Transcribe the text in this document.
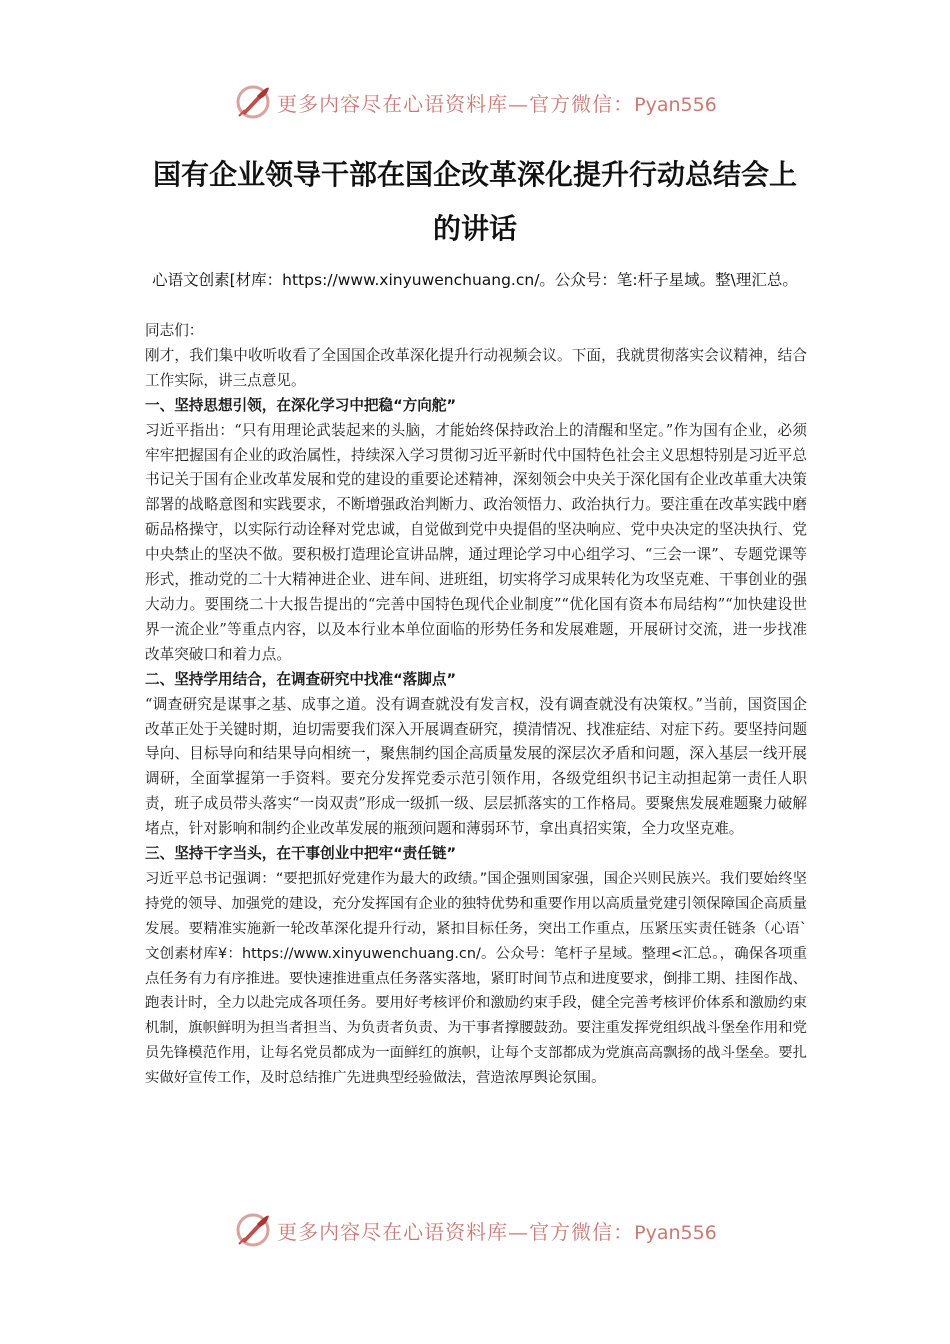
更多内容尽在心语资料库—官方微信：Pyan556
国有企业领导干部在国企改革深化提升行动总结会上的讲话
心语文创素[材库：https://www.xinyuwenchuang.cn/。公众号：笔:杆子星域。整\理汇总。

同志们：

刚才，我们集中收听收看了全国国企改革深化提升行动视频会议。下面，我就贯彻落实会议精神，结合工作实际，讲三点意见。

一、坚持思想引领，在深化学习中把稳“方向舵”

习近平指出：“只有用理论武装起来的头脑，才能始终保持政治上的清醒和坚定。”作为国有企业，必须牢牢把握国有企业的政治属性，持续深入学习贯彻习近平新时代中国特色社会主义思想特别是习近平总书记关于国有企业改革发展和党的建设的重要论述精神，深刻领会中央关于深化国有企业改革重大决策部署的战略意图和实践要求，不断增强政治判断力、政治领悟力、政治执行力。要注重在改革实践中磨砺品格操守，以实际行动诠释对党忠诚，自觉做到党中央提倡的坚决响应、党中央决定的坚决执行、党中央禁止的坚决不做。要积极打造理论宣讲品牌，通过理论学习中心组学习、“三会一课”、专题党课等形式，推动党的二十大精神进企业、进车间、进班组，切实将学习成果转化为攻坚克难、干事创业的强大动力。要围绕二十大报告提出的“完善中国特色现代企业制度”“优化国有资本布局结构”“加快建设世界一流企业”等重点内容，以及本行业本单位面临的形势任务和发展难题，开展研讨交流，进一步找准改革突破口和着力点。

二、坚持学用结合，在调查研究中找准“落脚点”

“调查研究是谋事之基、成事之道。没有调查就没有发言权，没有调查就没有决策权。”当前，国资国企改革正处于关键时期，迫切需要我们深入开展调查研究，摸清情况、找准症结、对症下药。要坚持问题导向、目标导向和结果导向相统一，聚焦制约国企高质量发展的深层次矛盾和问题，深入基层一线开展调研，全面掌握第一手资料。要充分发挥党委示范引领作用，各级党组织书记主动担起第一责任人职责，班子成员带头落实“一岗双责”形成一级抓一级、层层抓落实的工作格局。要聚焦发展难题聚力破解堵点，针对影响和制约企业改革发展的瓶颈问题和薄弱环节，拿出真招实策，全力攻坚克难。

三、坚持干字当头，在干事创业中把牢“责任链”

习近平总书记强调：“要把抓好党建作为最大的政绩。”国企强则国家强，国企兴则民族兴。我们要始终坚持党的领导、加强党的建设，充分发挥国有企业的独特优势和重要作用以高质量党建引领保障国企高质量发展。要精准实施新一轮改革深化提升行动，紧扣目标任务，突出工作重点，压紧压实责任链条（心语`文创素材库¥：https://www.xinyuwenchuang.cn/。公众号：笔杆子星域。整理<汇总。，确保各项重点任务有力有序推进。要快速推进重点任务落实落地，紧盯时间节点和进度要求，倒排工期、挂图作战、跑表计时，全力以赴完成各项任务。要用好考核评价和激励约束手段，健全完善考核评价体系和激励约束机制，旗帜鲜明为担当者担当、为负责者负责、为干事者撑腰鼓劲。要注重发挥党组织战斗堡垒作用和党员先锋模范作用，让每名党员都成为一面鲜红的旗帜，让每个支部都成为党旗高高飘扬的战斗堡垒。要扎实做好宣传工作，及时总结推广先进典型经验做法，营造浓厚舆论氛围。

更多内容尽在心语资料库—官方微信：Pyan556
